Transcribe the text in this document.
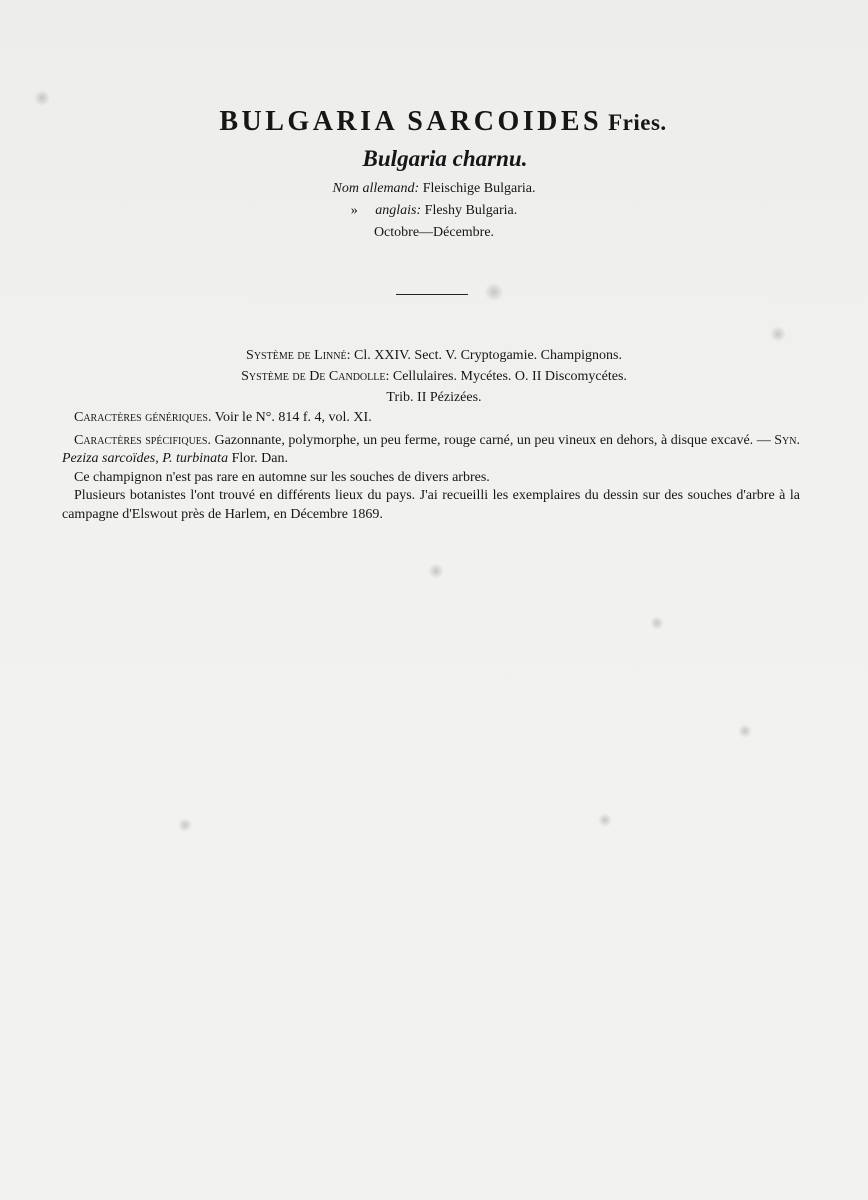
BULGARIA SARCOIDES Fries.
Bulgaria charnu.
Nom allemand: Fleischige Bulgaria.
» anglais: Fleshy Bulgaria.
Octobre—Décembre.
Système de Linné: Cl. XXIV. Sect. V. Cryptogamie. Champignons.
Système de De Candolle: Cellulaires. Mycétes. O. II Discomycétes.
Trib. II Pézizées.

Caractères génériques. Voir le N°. 814 f. 4, vol. XI.

Caractères spécifiques. Gazonnante, polymorphe, un peu ferme, rouge carné, un peu vineux en dehors, à disque excavé. — Syn. Peziza sarcoïdes, P. turbinata Flor. Dan.

Ce champignon n'est pas rare en automne sur les souches de divers arbres.

Plusieurs botanistes l'ont trouvé en différents lieux du pays. J'ai recueilli les exemplaires du dessin sur des souches d'arbre à la campagne d'Elswout près de Harlem, en Décembre 1869.
